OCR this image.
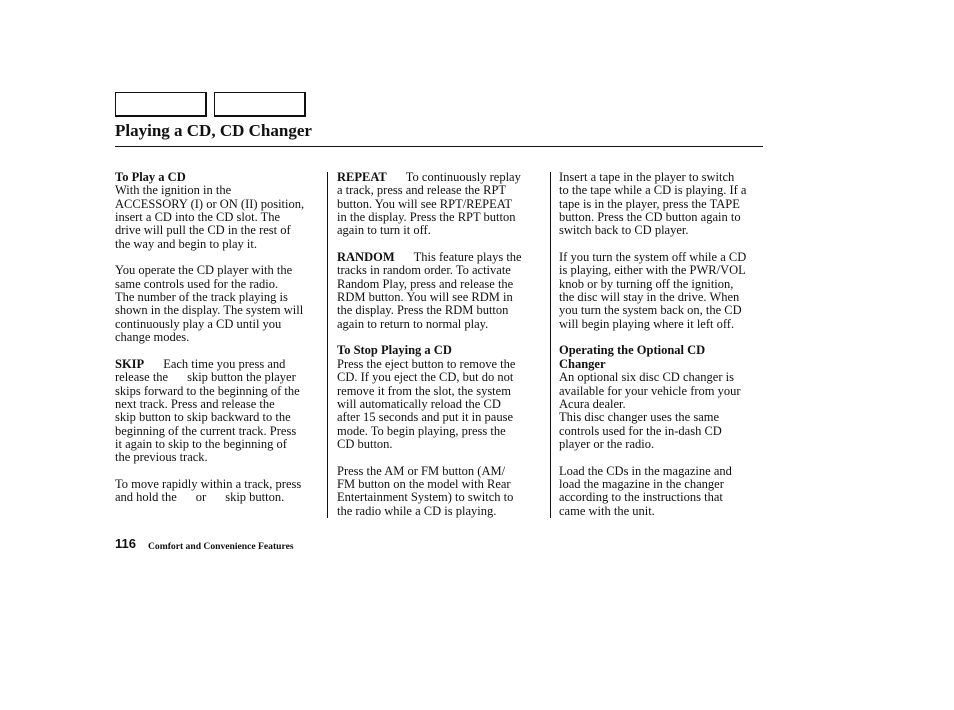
Playing a CD, CD Changer
To Play a CD
With the ignition in the
ACCESSORY (I) or ON (II) position,
insert a CD into the CD slot. The
drive will pull the CD in the rest of
the way and begin to play it.
You operate the CD player with the
same controls used for the radio.
The number of the track playing is
shown in the display. The system will
continuously play a CD until you
change modes.
SKIP Each time you press and
release the skip button the player
skips forward to the beginning of the
next track. Press and release the
skip button to skip backward to the
beginning of the current track. Press
it again to skip to the beginning of
the previous track.
To move rapidly within a track, press
and hold the or skip button.
REPEAT To continuously replay
a track, press and release the RPT
button. You will see RPT/REPEAT
in the display. Press the RPT button
again to turn it off.
RANDOM This feature plays the
tracks in random order. To activate
Random Play, press and release the
RDM button. You will see RDM in
the display. Press the RDM button
again to return to normal play.
To Stop Playing a CD
Press the eject button to remove the
CD. If you eject the CD, but do not
remove it from the slot, the system
will automatically reload the CD
after 15 seconds and put it in pause
mode. To begin playing, press the
CD button.
Press the AM or FM button (AM/
FM button on the model with Rear
Entertainment System) to switch to
the radio while a CD is playing.
Insert a tape in the player to switch
to the tape while a CD is playing. If a
tape is in the player, press the TAPE
button. Press the CD button again to
switch back to CD player.
If you turn the system off while a CD
is playing, either with the PWR/VOL
knob or by turning off the ignition,
the disc will stay in the drive. When
you turn the system back on, the CD
will begin playing where it left off.
Operating the Optional CD
Changer
An optional six disc CD changer is
available for your vehicle from your
Acura dealer.
This disc changer uses the same
controls used for the in-dash CD
player or the radio.
Load the CDs in the magazine and
load the magazine in the changer
according to the instructions that
came with the unit.
116 Comfort and Convenience Features
